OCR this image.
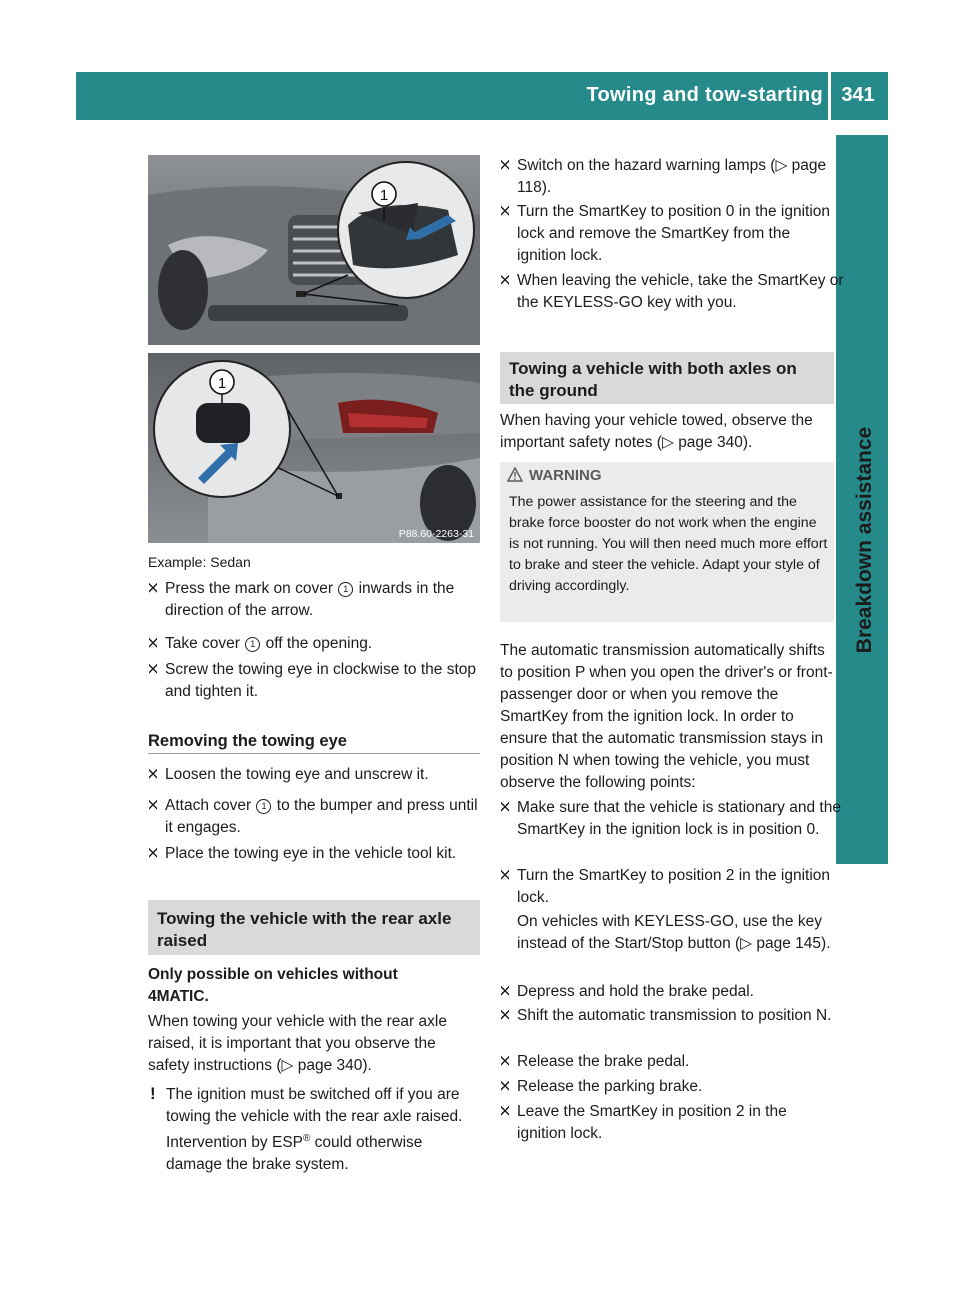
Towing and tow-starting 341
Breakdown assistance
1
1
P88.60-2263-31
Example: Sedan
Press the mark on cover 1 inwards in the direction of the arrow.
Take cover 1 off the opening.
Screw the towing eye in clockwise to the stop and tighten it.
Removing the towing eye
Loosen the towing eye and unscrew it.
Attach cover 1 to the bumper and press until it engages.
Place the towing eye in the vehicle tool kit.
Towing the vehicle with the rear axle raised
Only possible on vehicles without 4MATIC.
When towing your vehicle with the rear axle raised, it is important that you observe the safety instructions (▷ page 340).
! The ignition must be switched off if you are towing the vehicle with the rear axle raised. Intervention by ESP® could otherwise damage the brake system.
Switch on the hazard warning lamps (▷ page 118).
Turn the SmartKey to position 0 in the ignition lock and remove the SmartKey from the ignition lock.
When leaving the vehicle, take the SmartKey or the KEYLESS-GO key with you.
Towing a vehicle with both axles on the ground
When having your vehicle towed, observe the important safety notes (▷ page 340).
WARNING
The power assistance for the steering and the brake force booster do not work when the engine is not running. You will then need much more effort to brake and steer the vehicle. Adapt your style of driving accordingly.
The automatic transmission automatically shifts to position P when you open the driver's or front-passenger door or when you remove the SmartKey from the ignition lock. In order to ensure that the automatic transmission stays in position N when towing the vehicle, you must observe the following points:
Make sure that the vehicle is stationary and the SmartKey in the ignition lock is in position 0.
Turn the SmartKey to position 2 in the ignition lock.
On vehicles with KEYLESS-GO, use the key instead of the Start/Stop button (▷ page 145).
Depress and hold the brake pedal.
Shift the automatic transmission to position N.
Release the brake pedal.
Release the parking brake.
Leave the SmartKey in position 2 in the ignition lock.
